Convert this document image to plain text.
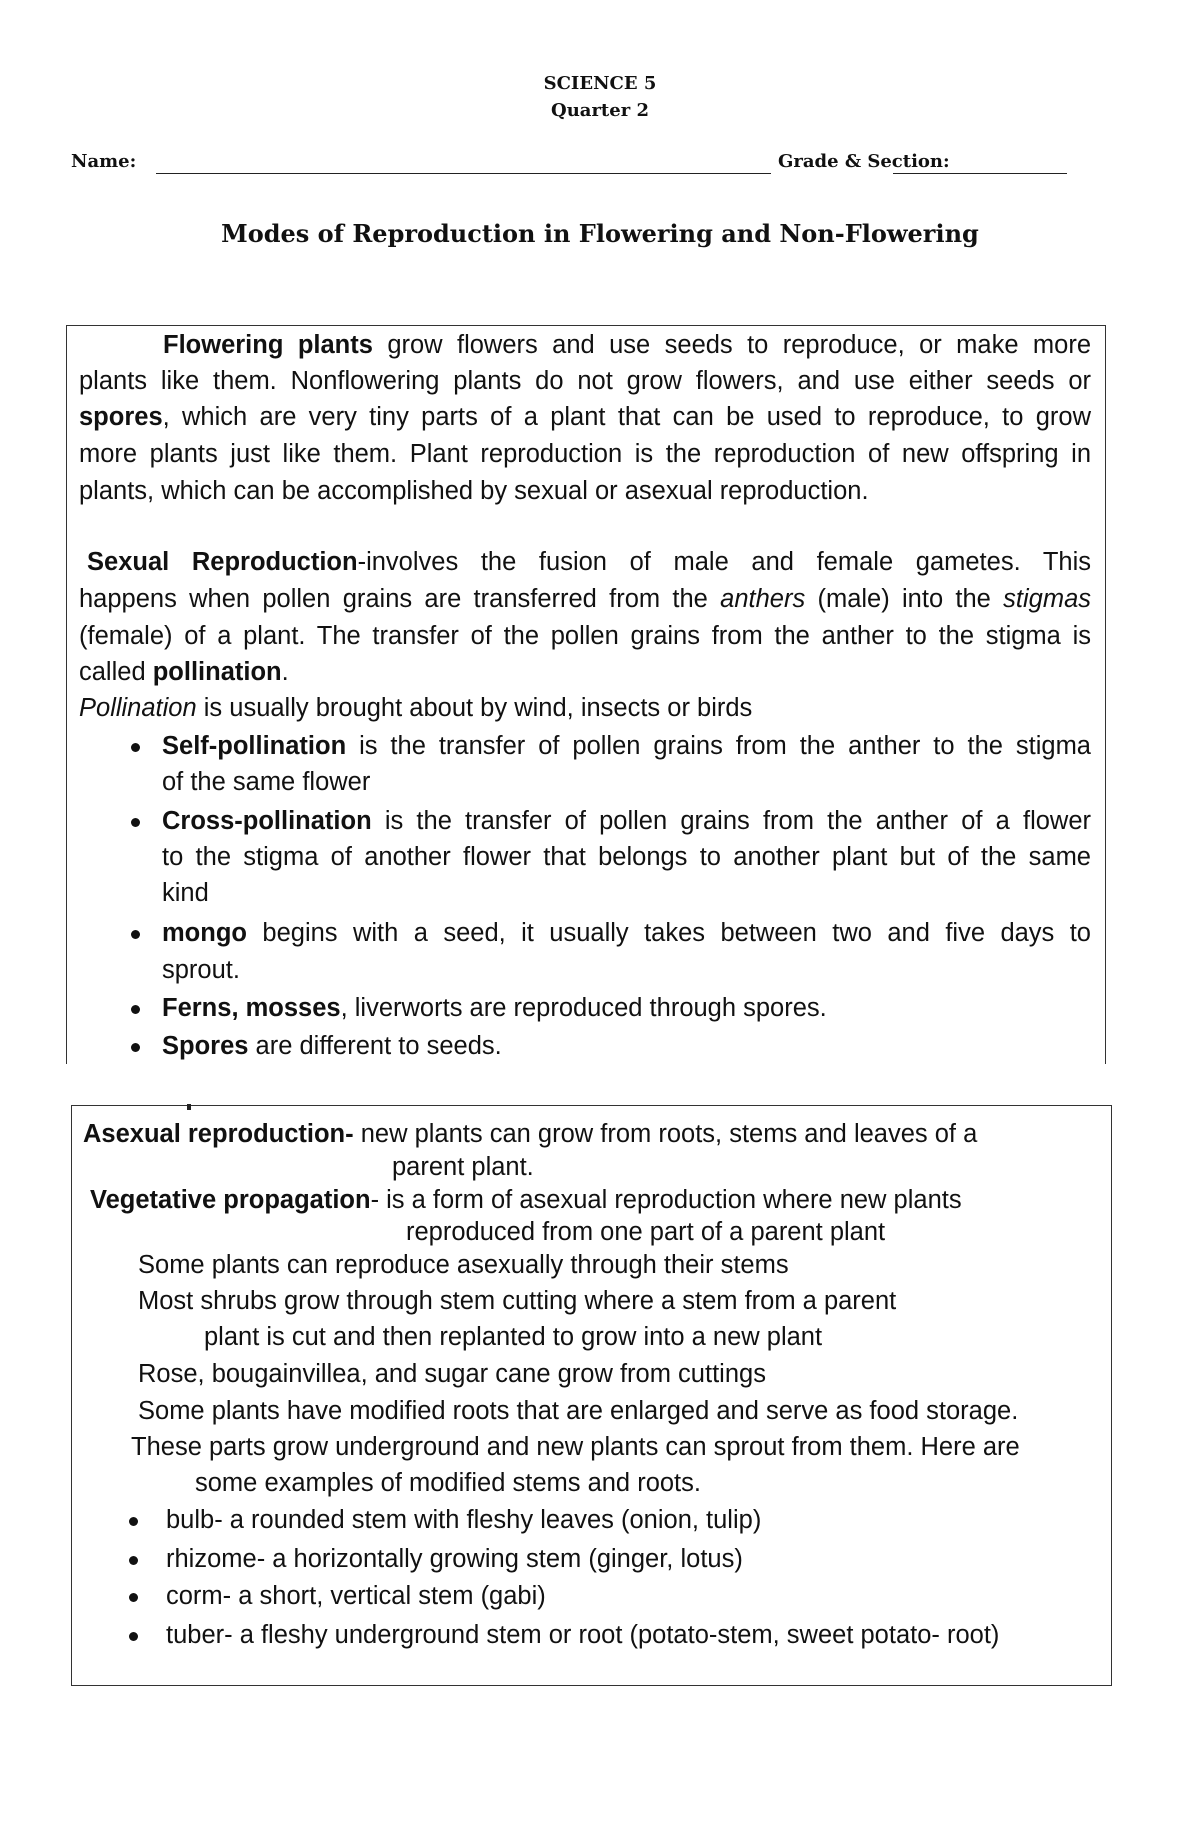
SCIENCE 5
Quarter 2
Name:	Grade & Section:
Modes of Reproduction in Flowering and Non-Flowering
Flowering plants grow flowers and use seeds to reproduce, or make more
plants like them. Nonflowering plants do not grow flowers, and use either seeds or
spores, which are very tiny parts of a plant that can be used to reproduce, to grow
more plants just like them. Plant reproduction is the reproduction of new offspring in
plants, which can be accomplished by sexual or asexual reproduction.
Sexual Reproduction-involves the fusion of male and female gametes. This
happens when pollen grains are transferred from the anthers (male) into the stigmas
(female) of a plant. The transfer of the pollen grains from the anther to the stigma is
called pollination.
Pollination is usually brought about by wind, insects or birds
Self-pollination is the transfer of pollen grains from the anther to the stigma
of the same flower
Cross-pollination is the transfer of pollen grains from the anther of a flower
to the stigma of another flower that belongs to another plant but of the same
kind
mongo begins with a seed, it usually takes between two and five days to
sprout.
Ferns, mosses, liverworts are reproduced through spores.
Spores are different to seeds.
Asexual reproduction- new plants can grow from roots, stems and leaves of a
parent plant.
Vegetative propagation- is a form of asexual reproduction where new plants
reproduced from one part of a parent plant
Some plants can reproduce asexually through their stems
Most shrubs grow through stem cutting where a stem from a parent
plant is cut and then replanted to grow into a new plant
Rose, bougainvillea, and sugar cane grow from cuttings
Some plants have modified roots that are enlarged and serve as food storage.
These parts grow underground and new plants can sprout from them. Here are
some examples of modified stems and roots.
bulb- a rounded stem with fleshy leaves (onion, tulip)
rhizome- a horizontally growing stem (ginger, lotus)
corm- a short, vertical stem (gabi)
tuber- a fleshy underground stem or root (potato-stem, sweet potato- root)
